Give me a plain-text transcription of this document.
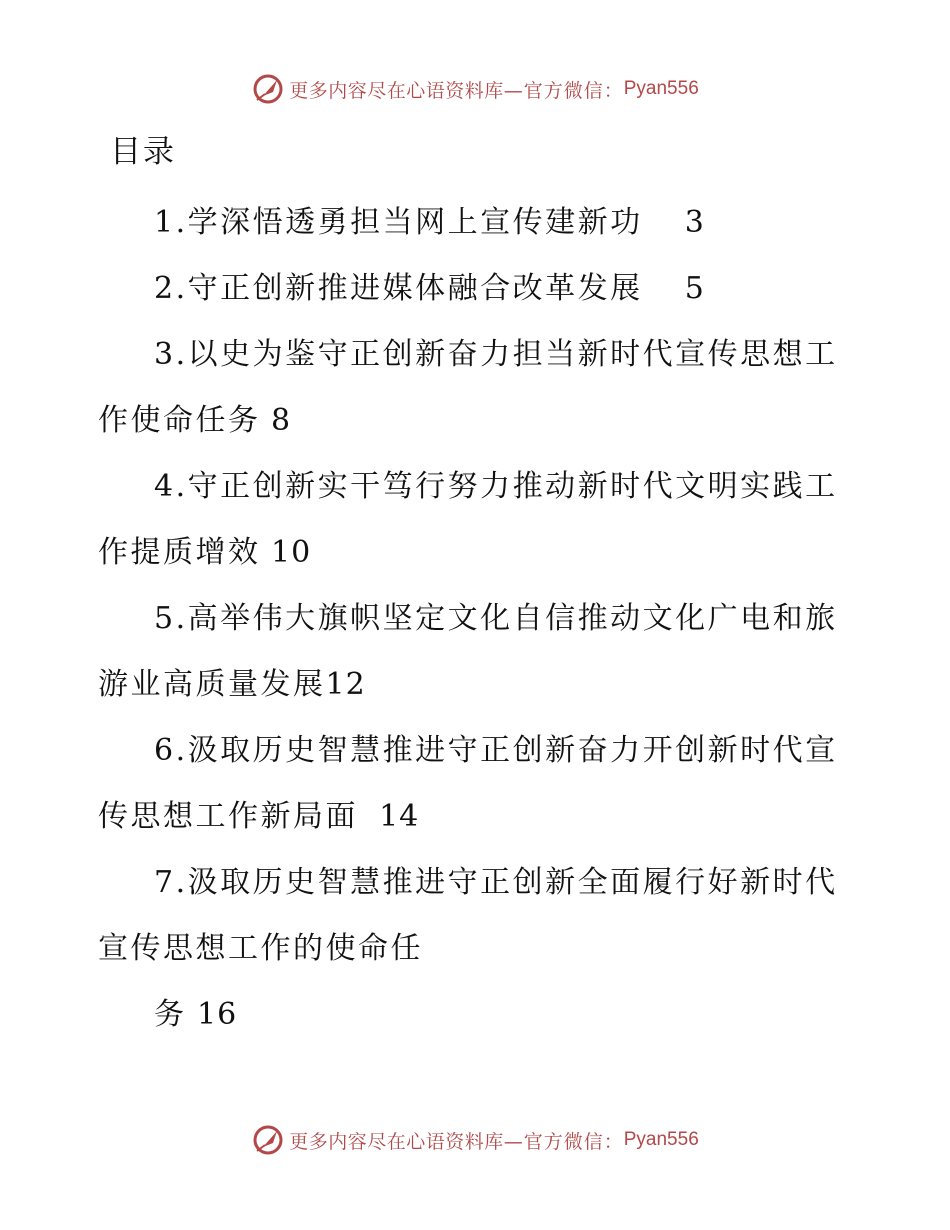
更多内容尽在心语资料库 —官方微信： Pyan556
目录
1.学深悟透勇担当网上宣传建新功    3
2.守正创新推进媒体融合改革发展    5
3.以史为鉴守正创新奋力担当新时代宣传思想工作使命任务 8
4.守正创新实干笃行努力推动新时代文明实践工作提质增效 10
5.高举伟大旗帜坚定文化自信推动文化广电和旅游业高质量发展12
6.汲取历史智慧推进守正创新奋力开创新时代宣传思想工作新局面  14
7.汲取历史智慧推进守正创新全面履行好新时代宣传思想工作的使命任
务 16
更多内容尽在心语资料库 —官方微信： Pyan556
